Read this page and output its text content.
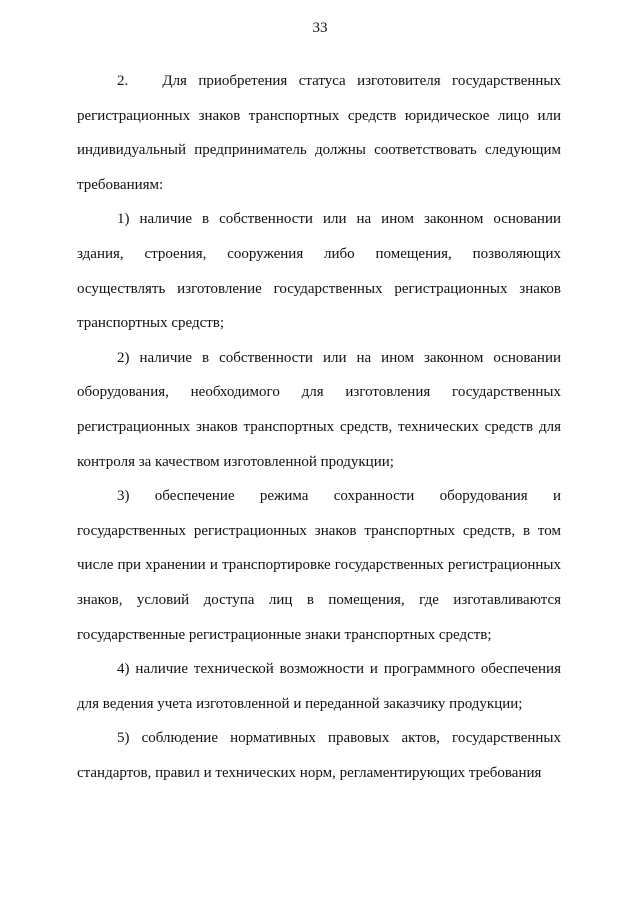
33

2.   Для приобретения статуса изготовителя государственных регистрационных знаков транспортных средств юридическое лицо или индивидуальный предприниматель должны соответствовать следующим требованиям:

1) наличие в собственности или на ином законном основании здания, строения, сооружения либо помещения, позволяющих осуществлять изготовление государственных регистрационных знаков транспортных средств;

2) наличие в собственности или на ином законном основании оборудования, необходимого для изготовления государственных регистрационных знаков транспортных средств, технических средств для контроля за качеством изготовленной продукции;

3) обеспечение режима сохранности оборудования и государственных регистрационных знаков транспортных средств, в том числе при хранении и транспортировке государственных регистрационных знаков, условий доступа лиц в помещения, где изготавливаются государственные регистрационные знаки транспортных средств;

4) наличие технической возможности и программного обеспечения для ведения учета изготовленной и переданной заказчику продукции;

5) соблюдение нормативных правовых актов, государственных стандартов, правил и технических норм, регламентирующих требования
